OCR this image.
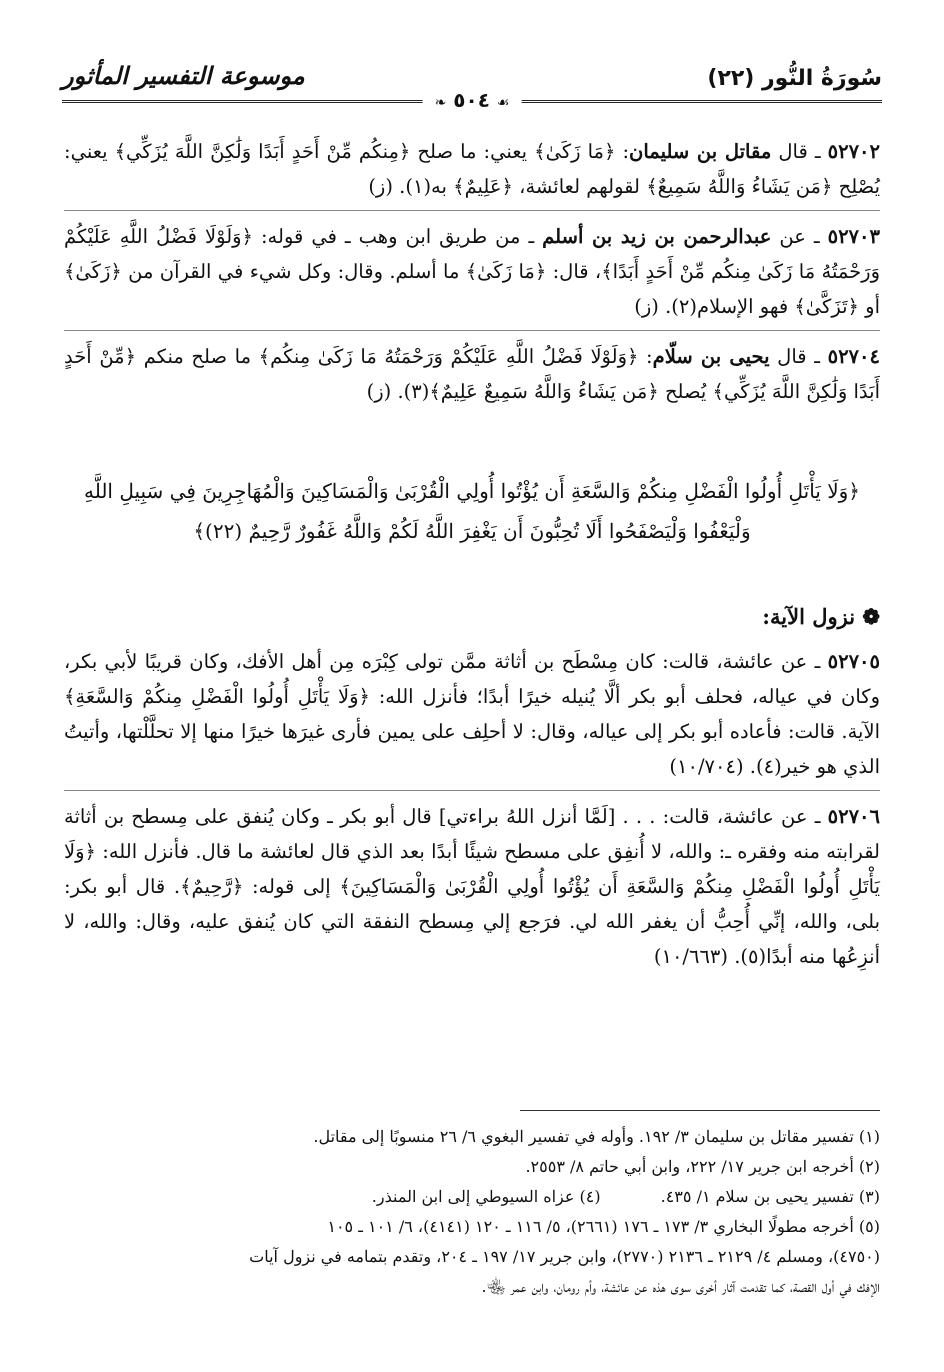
سُورَةُ النُّور (٢٢)
موسوعة التفسير المأثور
❧ ٥٠٤ ☙

٥٢٧٠٢ ـ قال مقاتل بن سليمان: ﴿مَا زَكَىٰ﴾ يعني: ما صلح ﴿مِنكُم مِّنْ أَحَدٍ أَبَدًا وَلَٰكِنَّ اللَّهَ يُزَكِّي﴾ يعني: يُصْلِح ﴿مَن يَشَاءُ وَاللَّهُ سَمِيعٌ﴾ لقولهم لعائشة، ﴿عَلِيمٌ﴾ به(١). (ز)

٥٢٧٠٣ ـ عن عبدالرحمن بن زيد بن أسلم ـ من طريق ابن وهب ـ في قوله: ﴿وَلَوْلَا فَضْلُ اللَّهِ عَلَيْكُمْ وَرَحْمَتُهُ مَا زَكَىٰ مِنكُم مِّنْ أَحَدٍ أَبَدًا﴾، قال: ﴿مَا زَكَىٰ﴾ ما أسلم. وقال: وكل شيء في القرآن من ﴿زَكَىٰ﴾ أو ﴿تَزَكَّىٰ﴾ فهو الإسلام(٢). (ز)

٥٢٧٠٤ ـ قال يحيى بن سلّام: ﴿وَلَوْلَا فَضْلُ اللَّهِ عَلَيْكُمْ وَرَحْمَتُهُ مَا زَكَىٰ مِنكُم﴾ ما صلح منكم ﴿مِّنْ أَحَدٍ أَبَدًا وَلَٰكِنَّ اللَّهَ يُزَكِّي﴾ يُصلح ﴿مَن يَشَاءُ وَاللَّهُ سَمِيعٌ عَلِيمٌ﴾(٣). (ز)

﴿وَلَا يَأْتَلِ أُولُوا الْفَضْلِ مِنكُمْ وَالسَّعَةِ أَن يُؤْتُوا أُولِي الْقُرْبَىٰ وَالْمَسَاكِينَ وَالْمُهَاجِرِينَ فِي سَبِيلِ اللَّهِ
وَلْيَعْفُوا وَلْيَصْفَحُوا أَلَا تُحِبُّونَ أَن يَغْفِرَ اللَّهُ لَكُمْ وَاللَّهُ غَفُورٌ رَّحِيمٌ (٢٢)﴾
❁ نزول الآية:

٥٢٧٠٥ ـ عن عائشة، قالت: كان مِسْطَح بن أثاثة ممَّن تولى كِبْرَه مِن أهل الأفك، وكان قريبًا لأبي بكر، وكان في عياله، فحلف أبو بكر ألَّا يُنيله خيرًا أبدًا؛ فأنزل الله: ﴿وَلَا يَأْتَلِ أُولُوا الْفَضْلِ مِنكُمْ وَالسَّعَةِ﴾ الآية. قالت: فأعاده أبو بكر إلى عياله، وقال: لا أحلِف على يمين فأرى غيرَها خيرًا منها إلا تحلَّلْتها، وأتيتُ الذي هو خير(٤). (١٠/٧٠٤)

٥٢٧٠٦ ـ عن عائشة، قالت: . . . [لَمَّا أنزل اللهُ براءتي] قال أبو بكر ـ وكان يُنفق على مِسطح بن أثاثة لقرابته منه وفقره ـ: والله، لا أُنفِق على مسطح شيئًا أبدًا بعد الذي قال لعائشة ما قال. فأنزل الله: ﴿وَلَا يَأْتَلِ أُولُوا الْفَضْلِ مِنكُمْ وَالسَّعَةِ أَن يُؤْتُوا أُولِي الْقُرْبَىٰ وَالْمَسَاكِينَ﴾ إلى قوله: ﴿رَّحِيمٌ﴾. قال أبو بكر: بلى، والله، إنِّي أُحِبُّ أن يغفر الله لي. فرَجع إلي مِسطح النفقة التي كان يُنفق عليه، وقال: والله، لا أنزِعُها منه أبدًا(٥). (١٠/٦٦٣)

(١) تفسير مقاتل بن سليمان ٣/ ١٩٢. وأوله في تفسير البغوي ٦/ ٢٦ منسوبًا إلى مقاتل.
(٢) أخرجه ابن جرير ١٧/ ٢٢٢، وابن أبي حاتم ٨/ ٢٥٥٣.
(٣) تفسير يحيى بن سلام ١/ ٤٣٥.
(٤) عزاه السيوطي إلى ابن المنذر.
(٥) أخرجه مطولًا البخاري ٣/ ١٧٣ ـ ١٧٦ (٢٦٦١)، ٥/ ١١٦ ـ ١٢٠ (٤١٤١)، ٦/ ١٠١ ـ ١٠٥
(٤٧٥٠)، ومسلم ٤/ ٢١٢٩ ـ ٢١٣٦ (٢٧٧٠)، وابن جرير ١٧/ ١٩٧ ـ ٢٠٤، وتقدم بتمامه في نزول آيات
الإفك في أول القصة، كما تقدمت آثار أخرى سوى هذه عن عائشة، وأم رومان، وابن عمر ﵄.
